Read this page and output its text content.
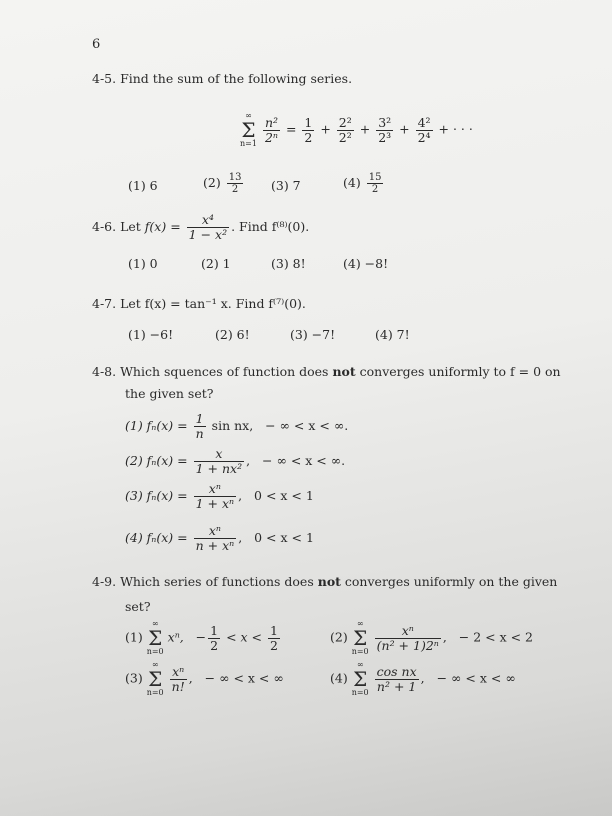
6
4-5. Find the sum of the following series.
∞
Σ
n=1
$\frac{\text{n²}}{\text{2ⁿ}} = \frac{1}{2} + \frac{\text{2²}}{\text{2²}} + \frac{\text{3²}}{\text{2³}} + \frac{\text{4²}}{\text{2⁴}}$ + · · ·
(1) 6	$(2) \frac{13}{2} (3)$ 7	$(4) \frac{15}{2}$
4-6. Let $f(x) = \frac{\text{x⁴}}{\text{1 − x²}}$ . Find f⁽⁸⁾(0).
(1) 0	(2) 1	(3) 8!	(4) −8!
4-7. Let f(x) = tan⁻¹ x. Find f⁽⁷⁾(0).
(1) −6!	(2) 6!	(3) −7!	(4) 7!
4-8. Which squences of function does not converges uniformly to f = 0 on
the given set?
(1) $f_n(x) = \frac{1}{n}$ sin nx, − ∞ < x < ∞.
(2) $f_n(x) = \frac{x}{\text{1 + nx²}}$ , − ∞ < x < ∞.
(3) $f_n(x) = \frac{\text{xⁿ}}{\text{1 + xⁿ}}$ , 0 < x < 1
(4) $f_n(x) = \frac{\text{xⁿ}}{\text{n + xⁿ}}$ , 0 < x < 1
4-9. Which series of functions does not converges uniformly on the given
set?
(1)
∞
Σ
n=0
xⁿ, − $\frac{1}{2} < x < \frac{1}{2}$	(2)
∞
Σ
n=0
$\frac{\text{xⁿ}}{\text{(n² + 1)2ⁿ}}$ , − 2 < x < 2
(3)
∞
Σ
n=0
$\frac{\text{xⁿ}}{n!}$ , − ∞ < x < ∞	(4)
∞
Σ
n=0
$\frac{\text{cos nx}}{\text{n² + 1}}$ , − ∞ < x < ∞
